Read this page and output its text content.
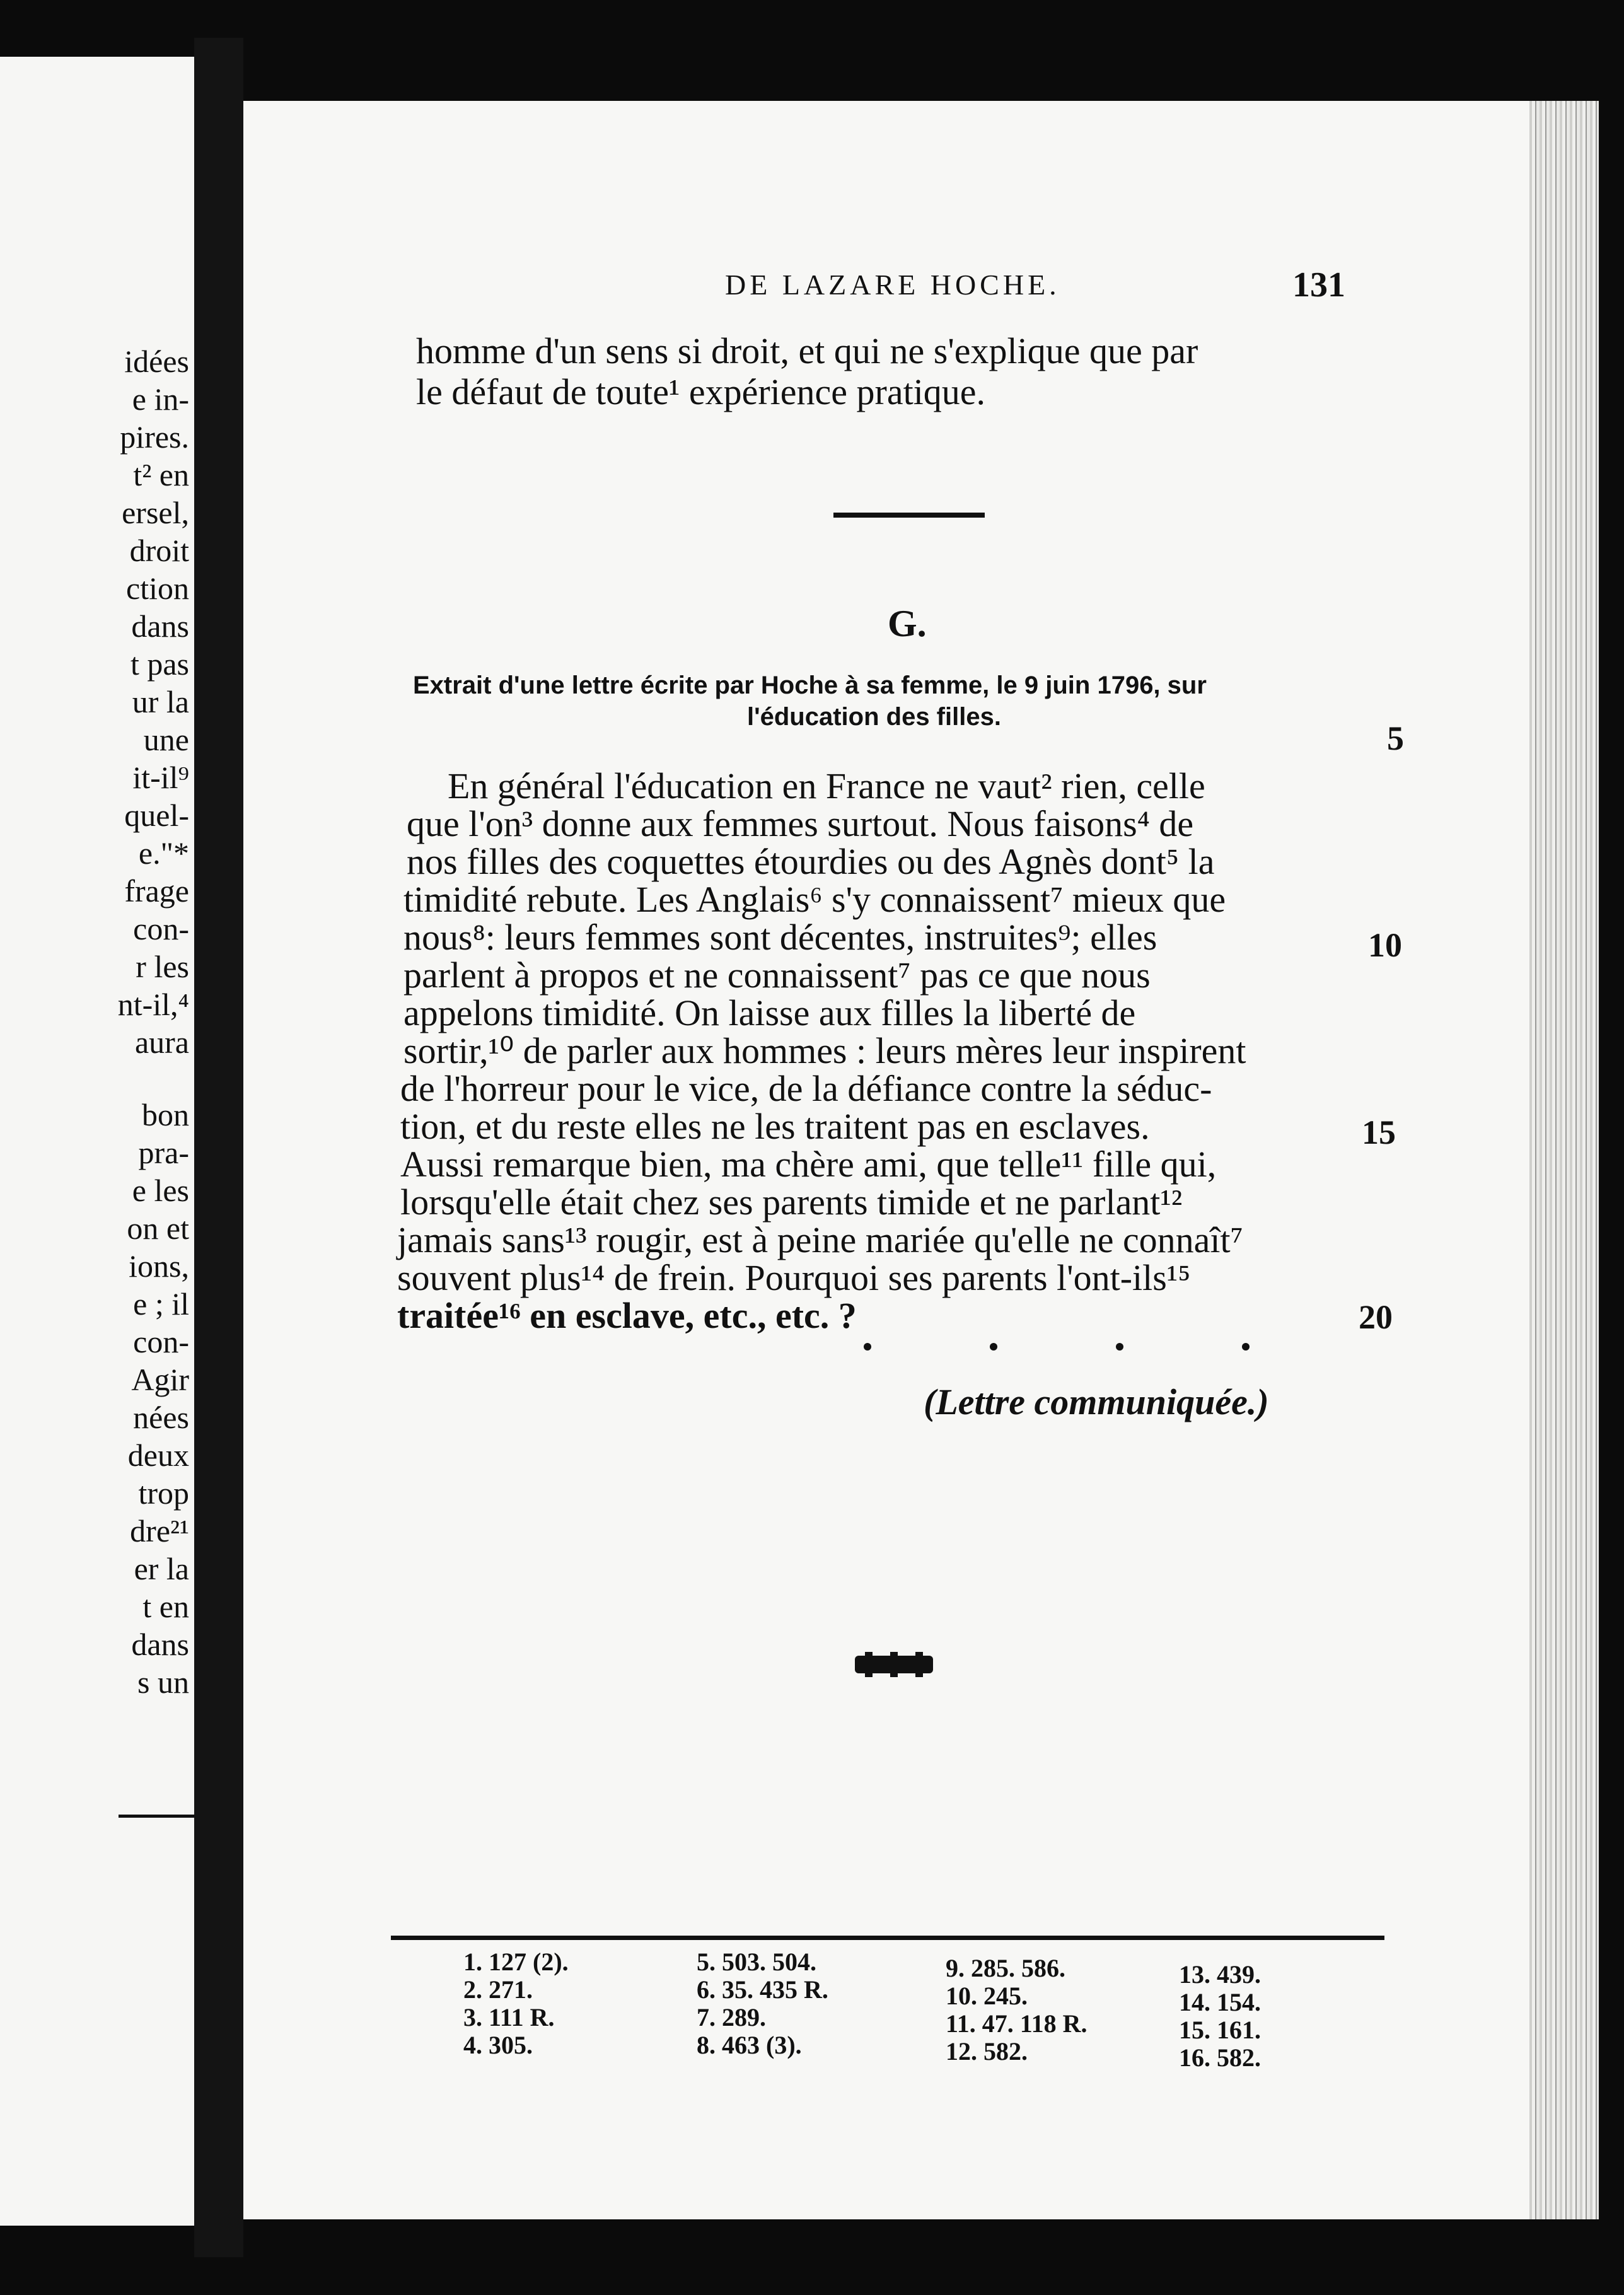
idées
e in-
pires.
t² en
ersel,
droit
ction
dans
t pas
ur la
une
it-il⁹
quel-
e."*
frage
con-
r les
nt-il,⁴
aura
bon
pra-
e les
on et
ions,
e ; il
con-
Agir
nées
deux
trop
dre²¹
er la
t en
dans
s un
DE LAZARE HOCHE.	131
homme d'un sens si droit, et qui ne s'explique que par
le défaut de toute¹ expérience pratique.
G.
Extrait d'une lettre écrite par Hoche à sa femme, le 9 juin 1796, sur
l'éducation des filles.
En général l'éducation en France ne vaut² rien, celle
que l'on³ donne aux femmes surtout. Nous faisons⁴ de
nos filles des coquettes étourdies ou des Agnès dont⁵ la
timidité rebute. Les Anglais⁶ s'y connaissent⁷ mieux que
nous⁸: leurs femmes sont décentes, instruites⁹; elles
parlent à propos et ne connaissent⁷ pas ce que nous
appelons timidité. On laisse aux filles la liberté de
sortir,¹⁰ de parler aux hommes : leurs mères leur inspirent
de l'horreur pour le vice, de la défiance contre la séduc-
tion, et du reste elles ne les traitent pas en esclaves.
Aussi remarque bien, ma chère ami, que telle¹¹ fille qui,
lorsqu'elle était chez ses parents timide et ne parlant¹²
jamais sans¹³ rougir, est à peine mariée qu'elle ne connaît⁷
souvent plus¹⁴ de frein. Pourquoi ses parents l'ont-ils¹⁵
traitée¹⁶ en esclave, etc., etc. ?
5
10
15
20
(Lettre communiquée.)
1. 127 (2).
2. 271.
3. 111 R.
4. 305.
5. 503. 504.
6. 35. 435 R.
7. 289.
8. 463 (3).
9. 285. 586.
10. 245.
11. 47. 118 R.
12. 582.
13. 439.
14. 154.
15. 161.
16. 582.
